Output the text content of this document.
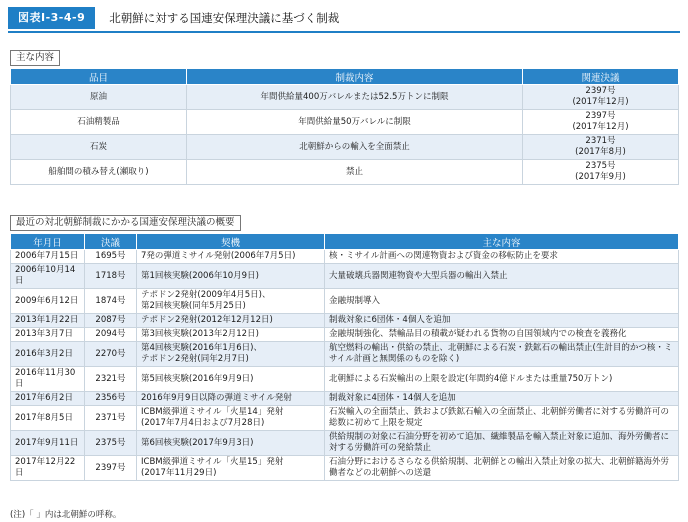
図表Ⅰ-3-4-9	北朝鮮に対する国連安保理決議に基づく制裁
主な内容
品目	制裁内容	関連決議
原油	年間供給量400万バレルまたは52.5万トンに制限	2397号
(2017年12月)
石油精製品	年間供給量50万バレルに制限	2397号
(2017年12月)
石炭	北朝鮮からの輸入を全面禁止	2371号
(2017年8月)
船舶間の積み替え(瀬取り)	禁止	2375号
(2017年9月)
最近の対北朝鮮制裁にかかる国連安保理決議の概要
年月日	決議	契機	主な内容
2006年7月15日	1695号	7発の弾道ミサイル発射(2006年7月5日)	核・ミサイル計画への関連物資および資金の移転防止を要求
2006年10月14日	1718号	第1回核実験(2006年10月9日)	大量破壊兵器関連物資や大型兵器の輸出入禁止
2009年6月12日	1874号	テポドン2発射(2009年4月5日)、
第2回核実験(同年5月25日)	金融規制導入
2013年1月22日	2087号	テポドン2発射(2012年12月12日)	制裁対象に6団体・4個人を追加
2013年3月7日	2094号	第3回核実験(2013年2月12日)	金融規制強化、禁輸品目の積載が疑われる貨物の自国領域内での検査を義務化
2016年3月2日	2270号	第4回核実験(2016年1月6日)、
テポドン2発射(同年2月7日)	航空燃料の輸出・供給の禁止、北朝鮮による石炭・鉄鉱石の輸出禁止(生計目的かつ核・ミサイル計画と無関係のものを除く)
2016年11月30日	2321号	第5回核実験(2016年9月9日)	北朝鮮による石炭輸出の上限を設定(年間約4億ドルまたは重量750万トン)
2017年6月2日	2356号	2016年9月9日以降の弾道ミサイル発射	制裁対象に4団体・14個人を追加
2017年8月5日	2371号	ICBM級弾道ミサイル「火星14」発射
(2017年7月4日および7月28日)	石炭輸入の全面禁止、鉄および鉄鉱石輸入の全面禁止、北朝鮮労働者に対する労働許可の総数に初めて上限を規定
2017年9月11日	2375号	第6回核実験(2017年9月3日)	供給規制の対象に石油分野を初めて追加、繊維製品を輸入禁止対象に追加、海外労働者に対する労働許可の発給禁止
2017年12月22日	2397号	ICBM級弾道ミサイル「火星15」発射
(2017年11月29日)	石油分野におけるさらなる供給規制、北朝鮮との輸出入禁止対象の拡大、北朝鮮籍海外労働者などの北朝鮮への送還
(注)「 」内は北朝鮮の呼称。
